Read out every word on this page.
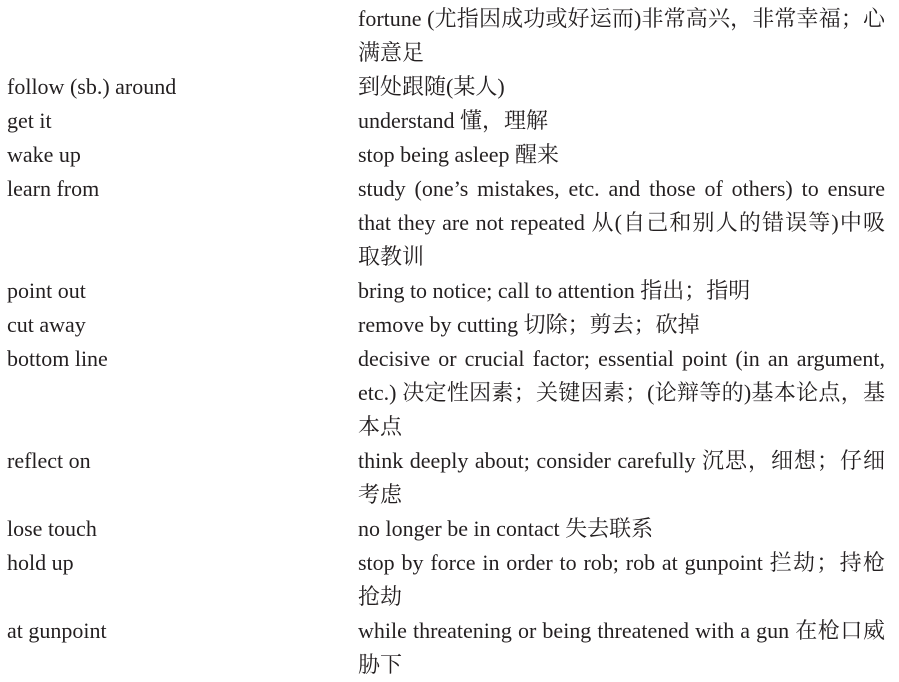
fortune (尤指因成功或好运而)非常高兴，非常幸福；心满意足
follow (sb.) around	到处跟随(某人)
get it	understand 懂，理解
wake up	stop being asleep 醒来
learn from	study (one’s mistakes, etc. and those of others) to ensure that they are not repeated 从(自己和别人的错误等)中吸取教训
point out	bring to notice; call to attention 指出；指明
cut away	remove by cutting 切除；剪去；砍掉
bottom line	decisive or crucial factor; essential point (in an argument, etc.) 决定性因素；关键因素；(论辩等的)基本论点，基本点
reflect on	think deeply about; consider carefully 沉思，细想；仔细考虑
lose touch	no longer be in contact 失去联系
hold up	stop by force in order to rob; rob at gunpoint 拦劫；持枪抢劫
at gunpoint	while threatening or being threatened with a gun 在枪口威胁下
